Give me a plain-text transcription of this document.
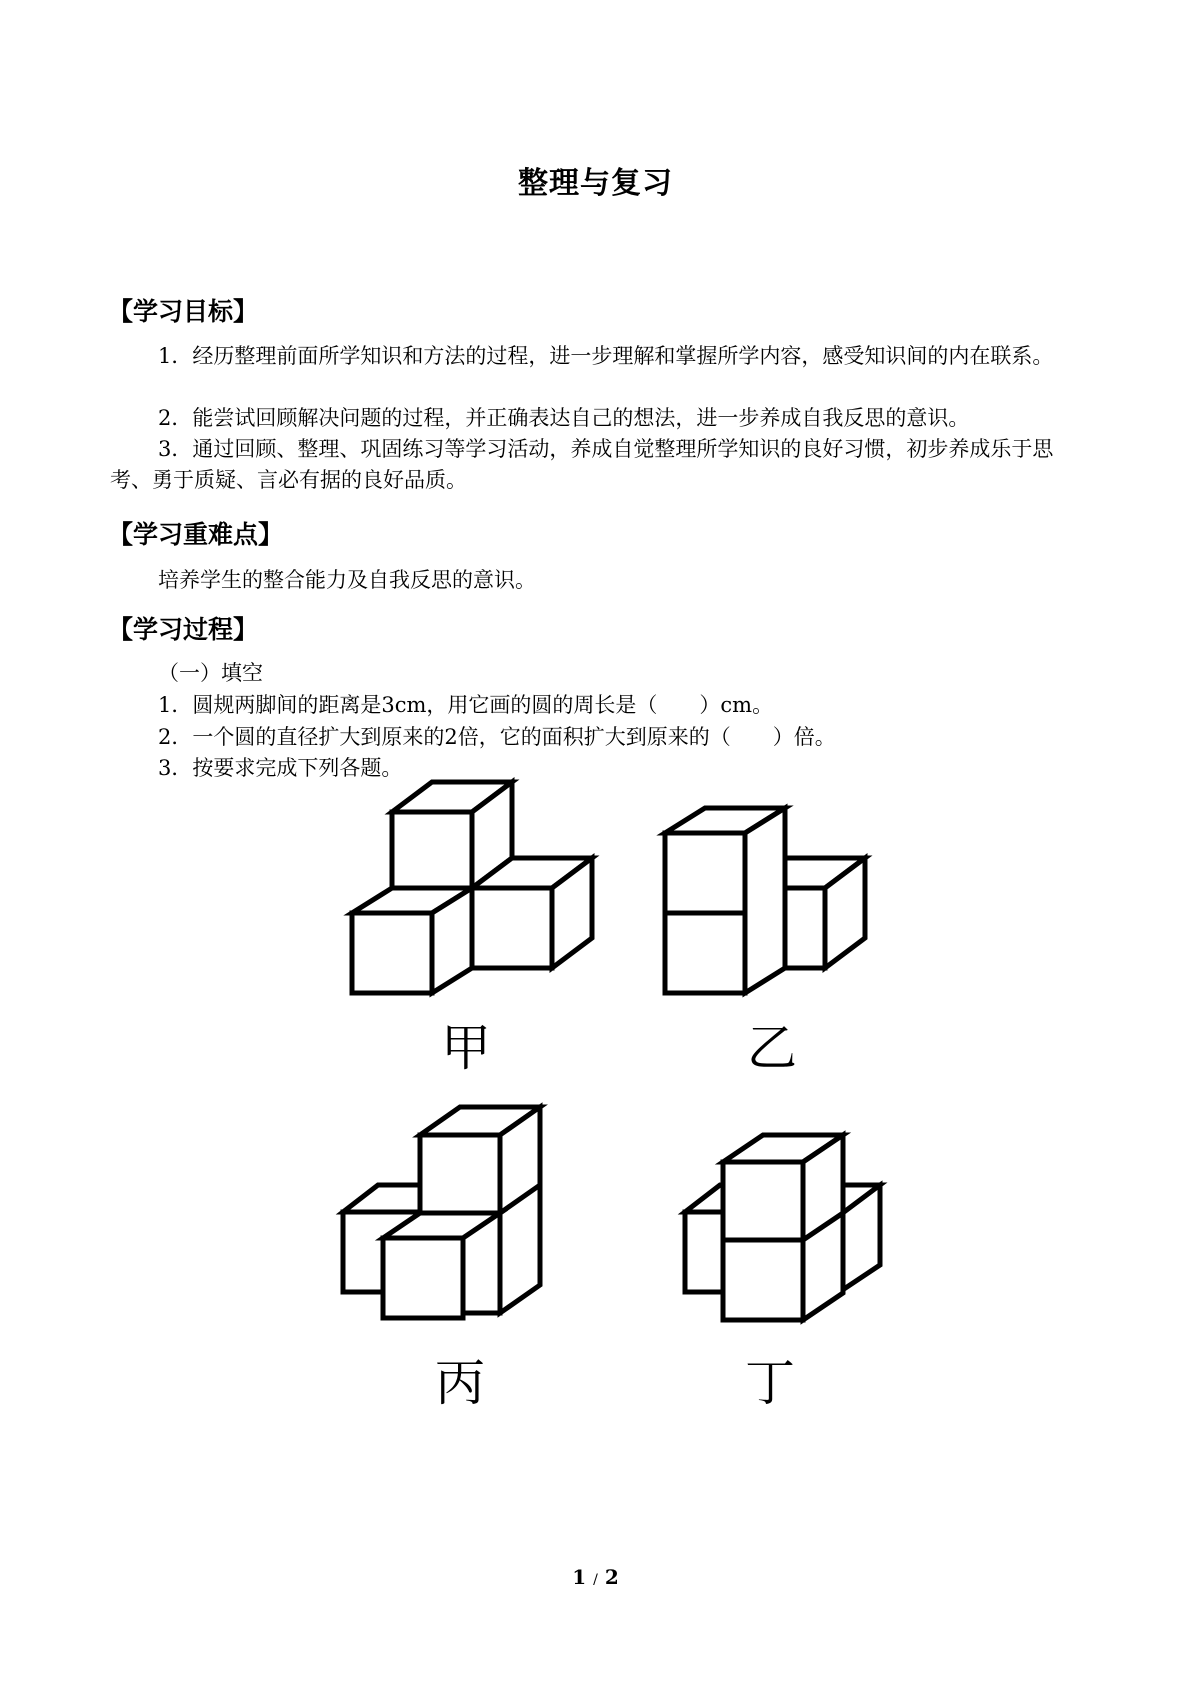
整理与复习
【学习目标】
1．经历整理前面所学知识和方法的过程，进一步理解和掌握所学内容，感受知识间的内在联系。
2．能尝试回顾解决问题的过程，并正确表达自己的想法，进一步养成自我反思的意识。
3．通过回顾、整理、巩固练习等学习活动，养成自觉整理所学知识的良好习惯，初步养成乐于思考、勇于质疑、言必有据的良好品质。
【学习重难点】
培养学生的整合能力及自我反思的意识。
【学习过程】
（一）填空
1．圆规两脚间的距离是3cm，用它画的圆的周长是（　　）cm。
2．一个圆的直径扩大到原来的2倍，它的面积扩大到原来的（　　）倍。
3．按要求完成下列各题。
甲	乙
丙	丁
1 / 2
